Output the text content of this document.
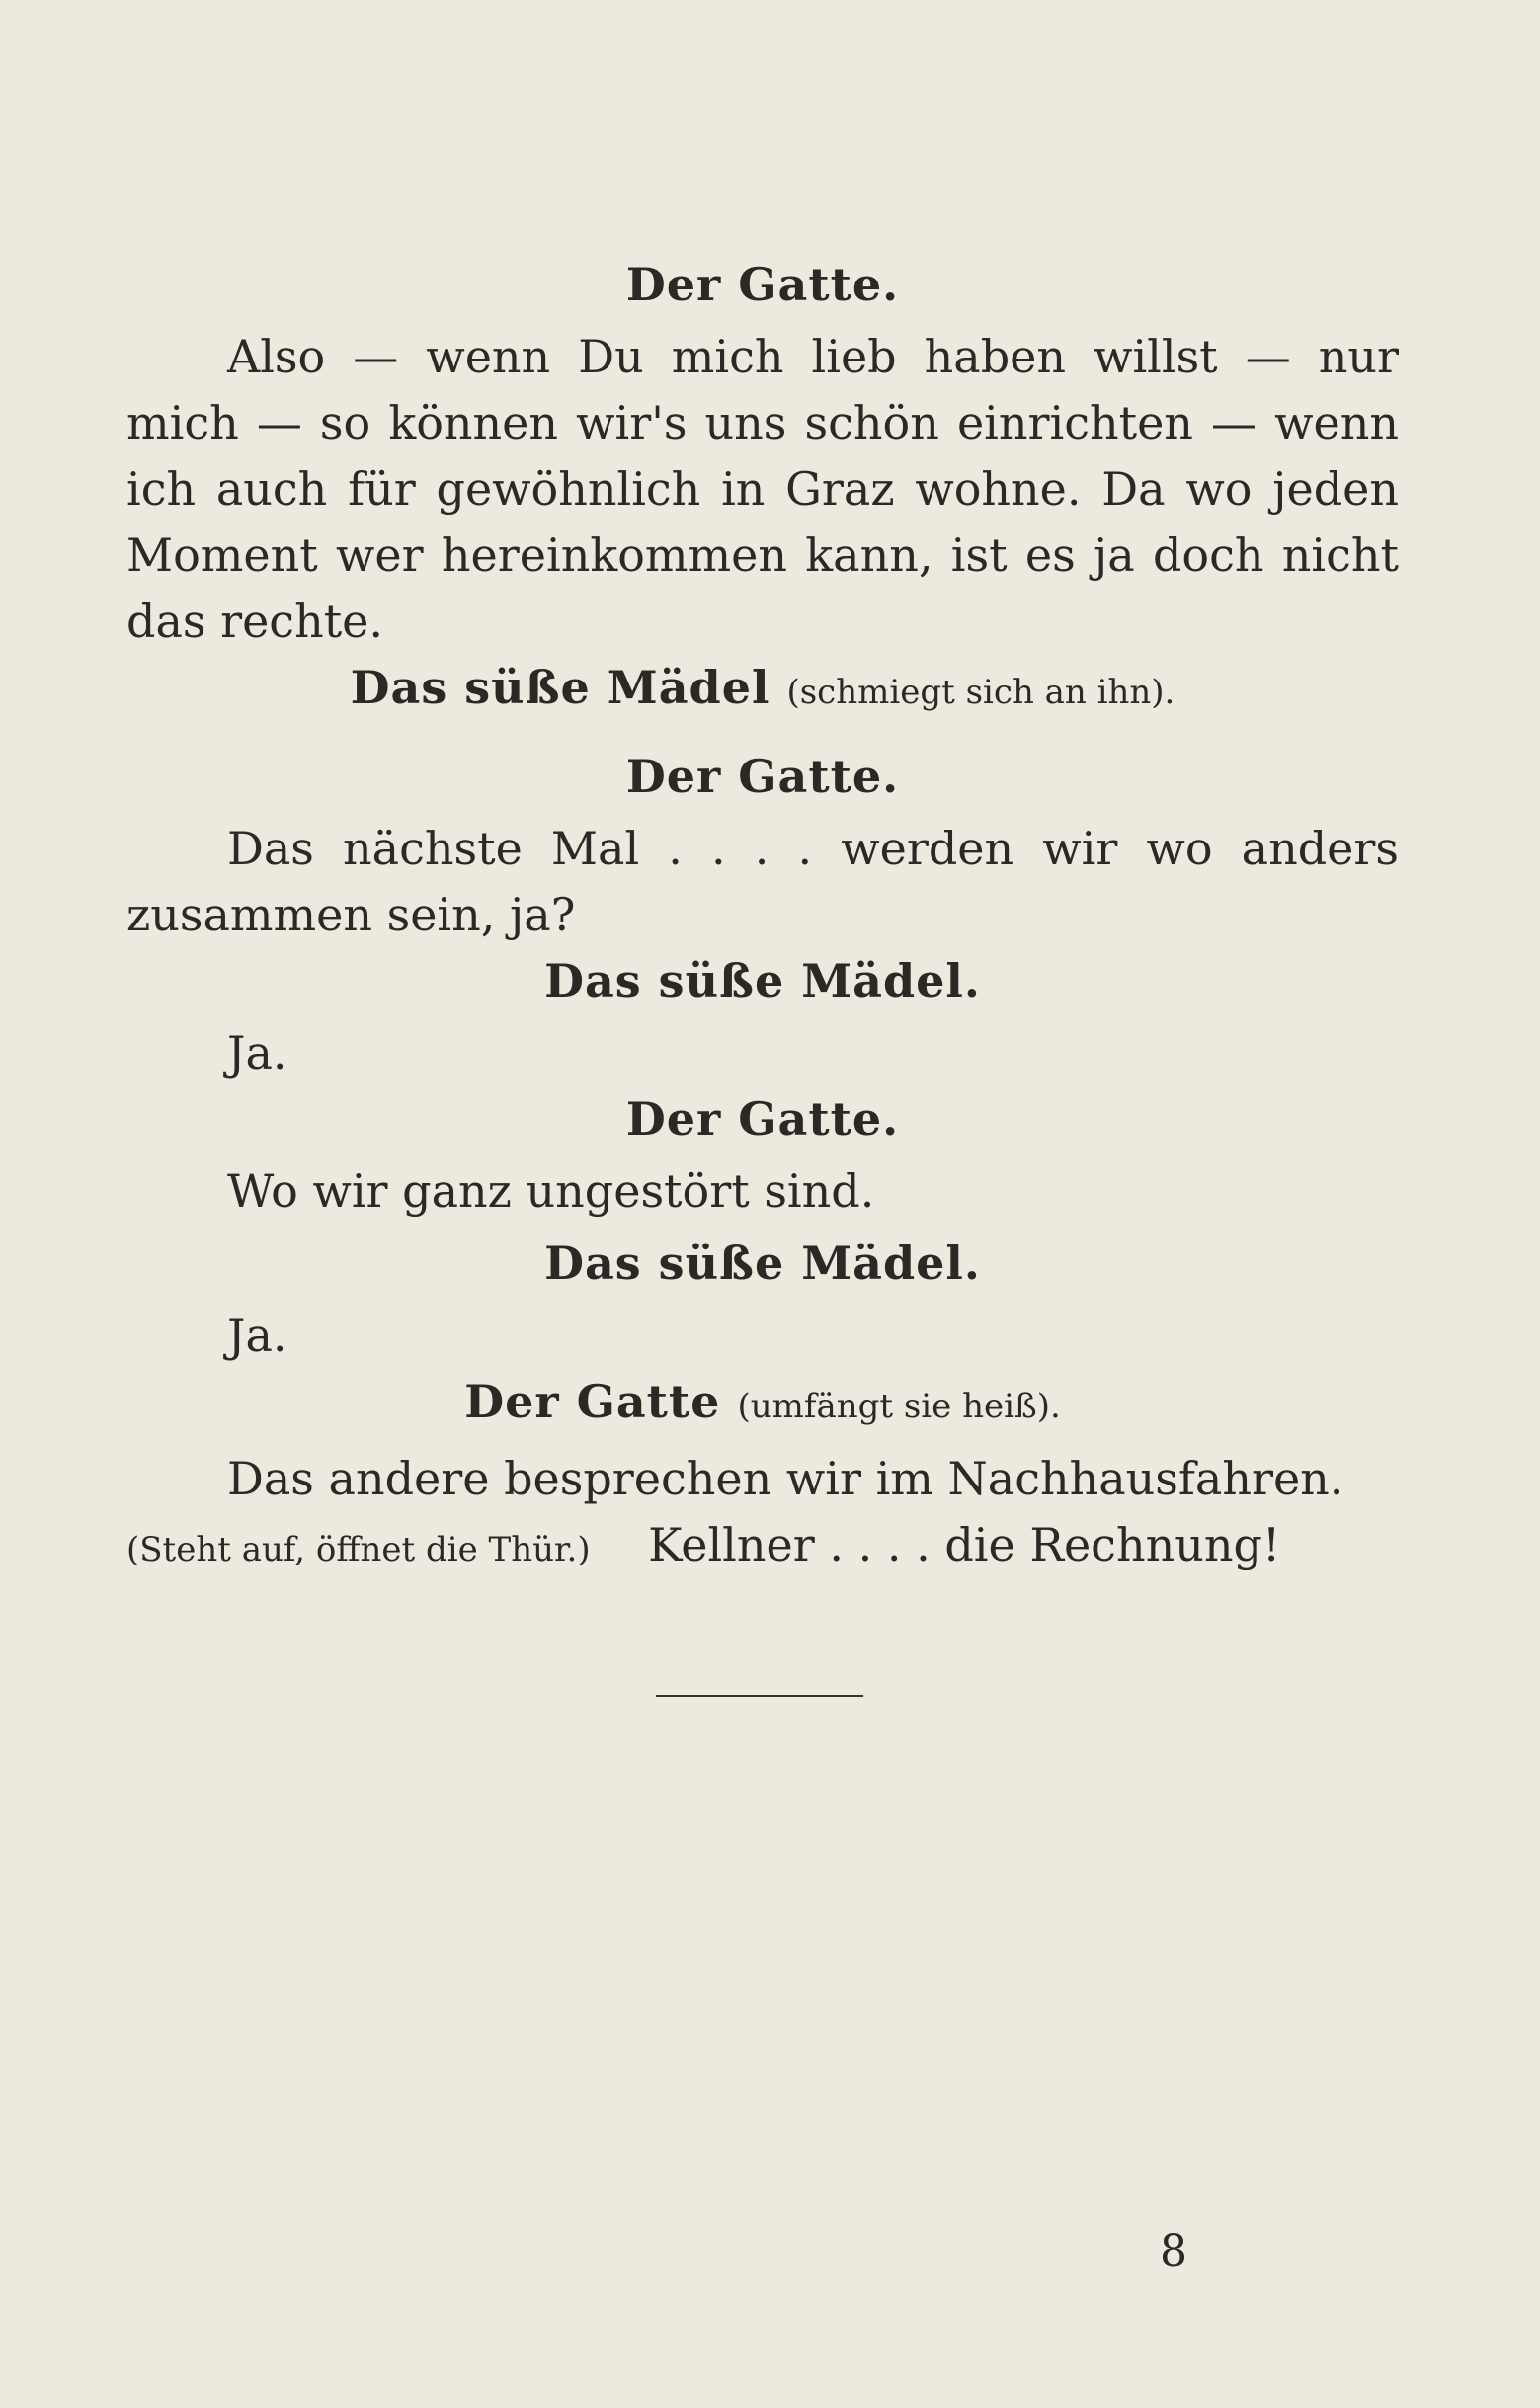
Der Gatte.

Also — wenn Du mich lieb haben willst — nur mich — so können wir's uns schön einrichten — wenn ich auch für gewöhnlich in Graz wohne. Da wo jeden Moment wer hereinkommen kann, ist es ja doch nicht das rechte.

Das süße Mädel (schmiegt sich an ihn).

Der Gatte.

Das nächste Mal . . . . werden wir wo anders zusammen sein, ja?

Das süße Mädel.

Ja.

Der Gatte.

Wo wir ganz ungestört sind.

Das süße Mädel.

Ja.

Der Gatte (umfängt sie heiß).

Das andere besprechen wir im Nachhausfahren.

(Steht auf, öffnet die Thür.) Kellner . . . . die Rechnung!

8
